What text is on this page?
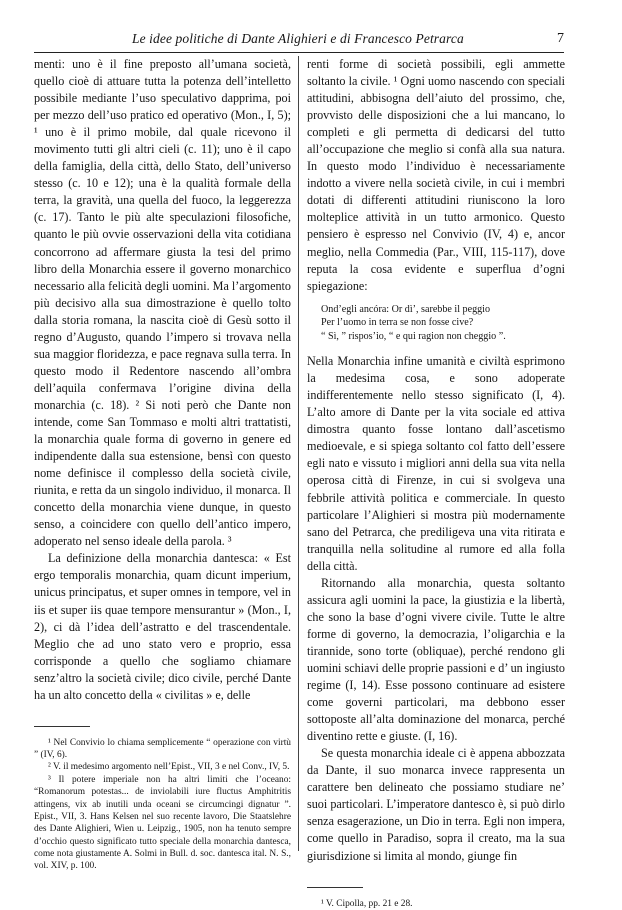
Le idee politiche di Dante Alighieri e di Francesco Petrarca	7

menti: uno è il fine preposto all’umana società, quello cioè di attuare tutta la potenza dell’intelletto possibile mediante l’uso speculativo dapprima, poi per mezzo dell’uso pratico ed operativo (Mon., I, 5); ¹ uno è il primo mobile, dal quale ricevono il movimento tutti gli altri cieli (c. 11); uno è il capo della famiglia, della città, dello Stato, dell’universo stesso (c. 10 e 12); una è la qualità formale della terra, la gravità, una quella del fuoco, la leggerezza (c. 17). Tanto le più alte speculazioni filosofiche, quanto le più ovvie osservazioni della vita cotidiana concorrono ad affermare giusta la tesi del primo libro della Monarchia essere il governo monarchico necessario alla felicità degli uomini. Ma l’argomento più decisivo alla sua dimostrazione è quello tolto dalla storia romana, la nascita cioè di Gesù sotto il regno d’Augusto, quando l’impero si trovava nella sua maggior floridezza, e pace regnava sulla terra. In questo modo il Redentore nascendo all’ombra dell’aquila confermava l’origine divina della monarchia (c. 18). ² Si noti però che Dante non intende, come San Tommaso e molti altri trattatisti, la monarchia quale forma di governo in genere ed indipendente dalla sua estensione, bensì con questo nome definisce il complesso della società civile, riunita, e retta da un singolo individuo, il monarca. Il concetto della monarchia viene dunque, in questo senso, a coincidere con quello dell’antico impero, adoperato nel senso ideale della parola. ³

La definizione della monarchia dantesca: « Est ergo temporalis monarchia, quam dicunt imperium, unicus principatus, et super omnes in tempore, vel in iis et super iis quae tempore mensurantur » (Mon., I, 2), ci dà l’idea dell’astratto e del trascendentale. Meglio che ad uno stato vero e proprio, essa corrisponde a quello che sogliamo chiamare senz’altro la società civile; dico civile, perché Dante ha un alto concetto della « civilitas » e, delle

¹ Nel Convivio lo chiama semplicemente “ operazione con virtù ” (IV, 6).

² V. il medesimo argomento nell’Epist., VII, 3 e nel Conv., IV, 5.

³ Il potere imperiale non ha altri limiti che l’oceano: “Romanorum potestas... de inviolabili iure fluctus Amphitritis attingens, vix ab inutili unda oceani se circumcingi dignatur ”. Epist., VII, 3. Hans Kelsen nel suo recente lavoro, Die Staatslehre des Dante Alighieri, Wien u. Leipzig., 1905, non ha tenuto sempre d’occhio questo significato tutto speciale della monarchia dantesca, come nota giustamente A. Solmi in Bull. d. soc. dantesca ital. N. S., vol. XIV, p. 100.

renti forme di società possibili, egli ammette soltanto la civile. ¹ Ogni uomo nascendo con speciali attitudini, abbisogna dell’aiuto del prossimo, che, provvisto delle disposizioni che a lui mancano, lo completi e gli permetta di dedicarsi del tutto all’occupazione che meglio si confà alla sua natura. In questo modo l’individuo è necessariamente indotto a vivere nella società civile, in cui i membri dotati di differenti attitudini riuniscono la loro molteplice attività in un tutto armonico. Questo pensiero è espresso nel Convivio (IV, 4) e, ancor meglio, nella Commedia (Par., VIII, 115-117), dove reputa la cosa evidente e superflua d’ogni spiegazione:

Ond’egli ancóra: Or dì’, sarebbe il peggio
Per l’uomo in terra se non fosse cive?
“ Sì, ” rispos’io, “ e qui ragion non cheggio ”.

Nella Monarchia infine umanità e civiltà esprimono la medesima cosa, e sono adoperate indifferentemente nello stesso significato (I, 4). L’alto amore di Dante per la vita sociale ed attiva dimostra quanto fosse lontano dall’ascetismo medioevale, e si spiega soltanto col fatto dell’essere egli nato e vissuto i migliori anni della sua vita nella operosa città di Firenze, in cui si svolgeva una febbrile attività politica e commerciale. In questo particolare l’Alighieri si mostra più modernamente sano del Petrarca, che prediligeva una vita ritirata e tranquilla nella solitudine al rumore ed alla folla della città.

Ritornando alla monarchia, questa soltanto assicura agli uomini la pace, la giustizia e la libertà, che sono la base d’ogni vivere civile. Tutte le altre forme di governo, la democrazia, l’oligarchia e la tirannide, sono torte (obliquae), perché rendono gli uomini schiavi delle proprie passioni e d’ un ingiusto regime (I, 14). Esse possono continuare ad esistere come governi particolari, ma debbono esser sottoposte all’alta dominazione del monarca, perché diventino rette e giuste. (I, 16).

Se questa monarchia ideale ci è appena abbozzata da Dante, il suo monarca invece rappresenta un carattere ben delineato che possiamo studiare ne’ suoi particolari. L’imperatore dantesco è, si può dirlo senza esagerazione, un Dio in terra. Egli non impera, come quello in Paradiso, sopra il creato, ma la sua giurisdizione si limita al mondo, giunge fin

¹ V. Cipolla, pp. 21 e 28.
